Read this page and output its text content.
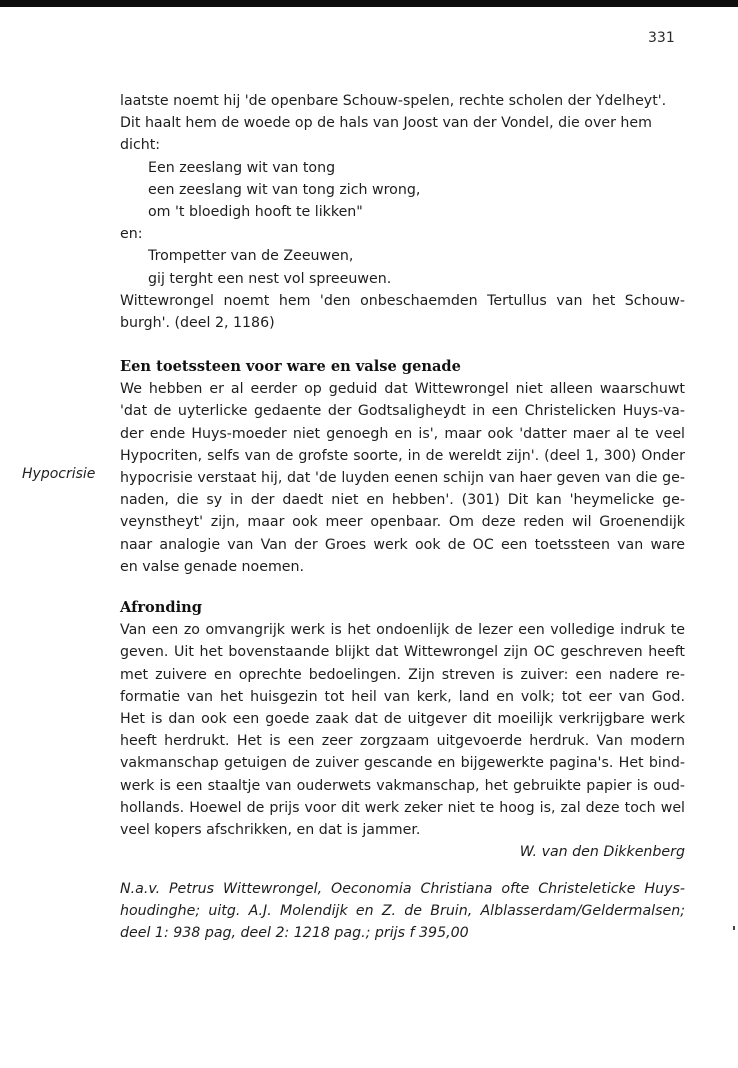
331
laatste noemt hij 'de openbare Schouw-spelen, rechte scholen der Ydelheyt'.
Dit haalt hem de woede op de hals van Joost van der Vondel, die over hem
dicht:
Een zeeslang wit van tong
een zeeslang wit van tong zich wrong,
om 't bloedigh hooft te likken"
en:
Trompetter van de Zeeuwen,
gij terght een nest vol spreeuwen.
Wittewrongel noemt hem 'den onbeschaemden Tertullus van het Schouw-
burgh'. (deel 2, 1186)
Een toetssteen voor ware en valse genade
We hebben er al eerder op geduid dat Wittewrongel niet alleen waarschuwt
'dat de uyterlicke gedaente der Godtsaligheydt in een Christelicken Huys-va-
der ende Huys-moeder niet genoegh en is', maar ook 'datter maer al te veel
Hypocriten, selfs van de grofste soorte, in de wereldt zijn'. (deel 1, 300) Onder
hypocrisie verstaat hij, dat 'de luyden eenen schijn van haer geven van die ge-
naden, die sy in der daedt niet en hebben'. (301) Dit kan 'heymelicke ge-
veynstheyt' zijn, maar ook meer openbaar. Om deze reden wil Groenendijk
naar analogie van Van der Groes werk ook de OC een toetssteen van ware
en valse genade noemen.
Hypocrisie
Afronding
Van een zo omvangrijk werk is het ondoenlijk de lezer een volledige indruk te
geven. Uit het bovenstaande blijkt dat Wittewrongel zijn OC geschreven heeft
met zuivere en oprechte bedoelingen. Zijn streven is zuiver: een nadere re-
formatie van het huisgezin tot heil van kerk, land en volk; tot eer van God.
Het is dan ook een goede zaak dat de uitgever dit moeilijk verkrijgbare werk
heeft herdrukt. Het is een zeer zorgzaam uitgevoerde herdruk. Van modern
vakmanschap getuigen de zuiver gescande en bijgewerkte pagina's. Het bind-
werk is een staaltje van ouderwets vakmanschap, het gebruikte papier is oud-
hollands. Hoewel de prijs voor dit werk zeker niet te hoog is, zal deze toch wel
veel kopers afschrikken, en dat is jammer.
W. van den Dikkenberg
N.a.v. Petrus Wittewrongel, Oeconomia Christiana ofte Christeleticke Huys-
houdinghe; uitg. A.J. Molendijk en Z. de Bruin, Alblasserdam/Geldermalsen;
deel 1: 938 pag, deel 2: 1218 pag.; prijs f 395,00
